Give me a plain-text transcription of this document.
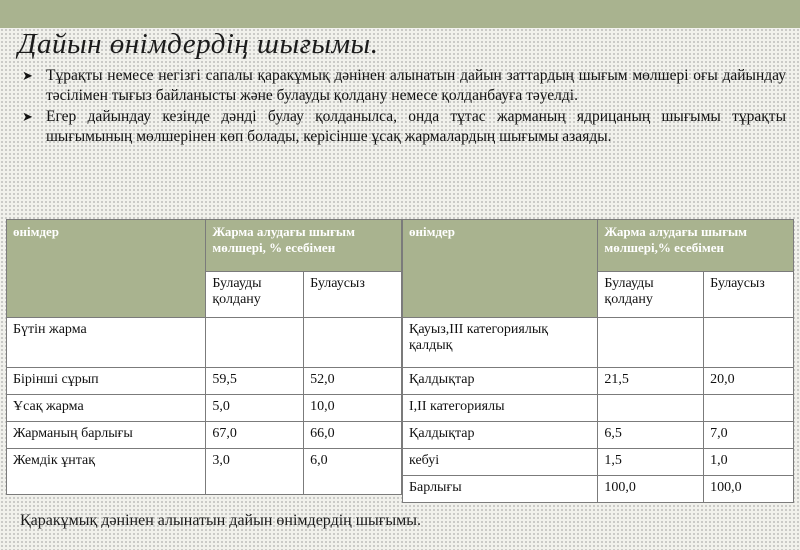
Дайын өнімдердің шығымы.
➤ Тұрақты немесе негізгі сапалы қаракұмық дәнінен алынатын дайын заттардың шығым мөлшері оғы дайындау тәсілімен тығыз байланысты және булауды қолдану немесе қолданбауға тәуелді.
➤ Егер дайындау кезінде дәнді булау қолданылса, онда тұтас жарманың ядрицаның шығымы тұрақты шығымының мөлшерінен көп болады, керісінше ұсақ жармалардың шығымы азаяды.
өнімдер	Жарма алудағы шығым мөлшері, % есебімен	
	Булауды қолдану	Булаусыз
Бүтін жарма		
Бірінші сұрып	59,5	52,0
Ұсақ жарма	5,0	10,0
Жарманың барлығы	67,0	66,0
Жемдік ұнтақ	3,0	6,0
өнімдер	Жарма алудағы шығым мөлшері,% есебімен	
	Булауды қолдану	Булаусыз
Қауыз,III категориялық қалдық		
Қалдықтар	21,5	20,0
І,ІІ категориялы		
Қалдықтар	6,5	7,0
кебуі	1,5	1,0
Барлығы	100,0	100,0

Қаракұмық дәнінен алынатын дайын өнімдердің шығымы.
